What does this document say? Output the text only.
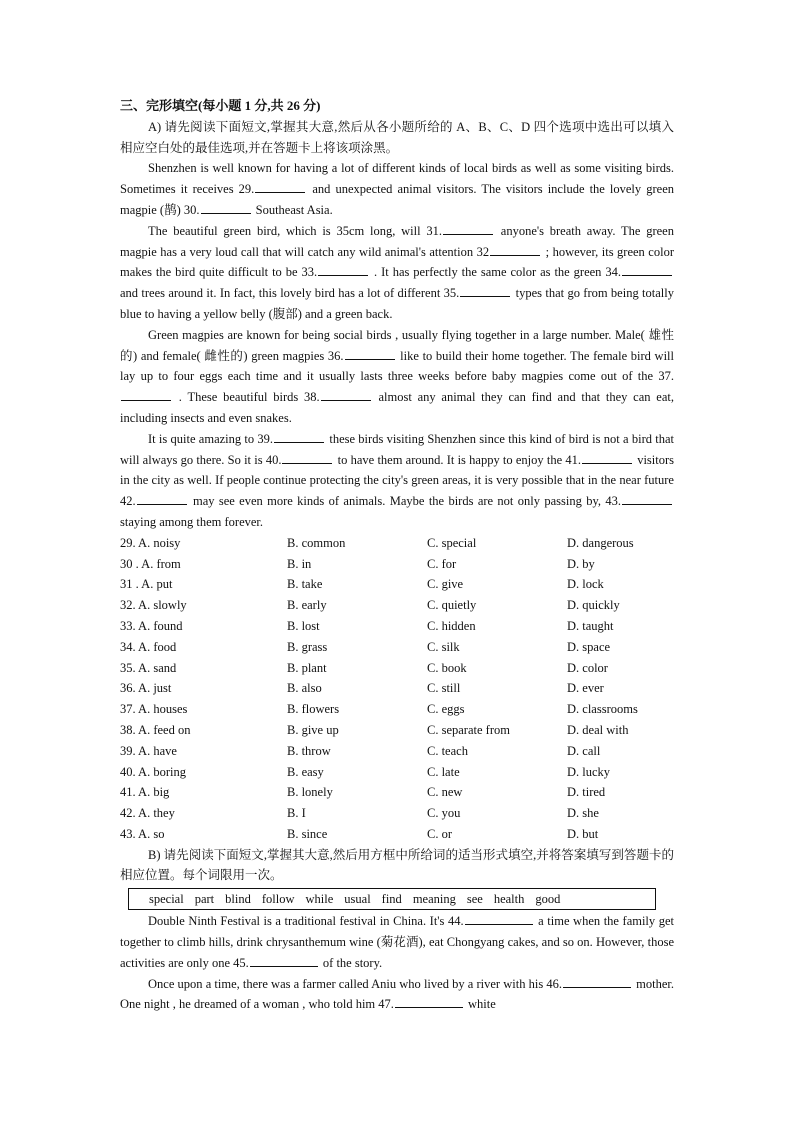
三、完形填空(每小题 1 分,共 26 分)

A) 请先阅读下面短文,掌握其大意,然后从各小题所给的 A、B、C、D 四个选项中选出可以填入相应空白处的最佳选项,并在答题卡上将该项涂黑。

Shenzhen is well known for having a lot of different kinds of local birds as well as some visiting birds. Sometimes it receives 29.	and unexpected animal visitors. The visitors include the lovely green magpie (鹊) 30.	Southeast Asia.

The beautiful green bird, which is 35cm long, will 31.	anyone's breath away. The green magpie has a very loud call that will catch any wild animal's attention 32	; however, its green color makes the bird quite difficult to be 33.	. It has perfectly the same color as the green 34. and trees around it. In fact, this lovely bird has a lot of different 35.	types that go from being totally blue to having a yellow belly (腹部) and a green back.

Green magpies are known for being social birds , usually flying together in a large number. Male( 雄性的) and female( 雌性的) green magpies 36.	like to build their home together. The female bird will lay up to four eggs each time and it usually lasts three weeks before baby magpies come out of the 37. . These beautiful birds 38.	almost any animal they can find and that they can eat, including insects and even snakes.

It is quite amazing to 39.	these birds visiting Shenzhen since this kind of bird is not a bird that will always go there. So it is 40.	to have them around. It is happy to enjoy the 41.	visitors in the city as well. If people continue protecting the city's green areas, it is very possible that in the near future 42.	may see even more kinds of animals. Maybe the birds are not only passing by, 43. staying among them forever.

29. A. noisy	B. common	C. special	D. dangerous
30 . A. from	B. in	C. for	D. by
31 . A. put	B. take	C. give	D. lock
32. A. slowly	B. early	C. quietly	D. quickly
33. A. found	B. lost	C. hidden	D. taught
34. A. food	B. grass	C. silk	D. space
35. A. sand	B. plant	C. book	D. color
36. A. just	B. also	C. still	D. ever
37. A. houses	B. flowers	C. eggs	D. classrooms
38. A. feed on	B. give up	C. separate from	D. deal with
39. A. have	B. throw	C. teach	D. call
40. A. boring	B. easy	C. late	D. lucky
41. A. big	B. lonely	C. new	D. tired
42. A. they	B. I	C. you	D. she
43. A. so	B. since	C. or	D. but

B) 请先阅读下面短文,掌握其大意,然后用方框中所给词的适当形式填空,并将答案填写到答题卡的相应位置。每个词限用一次。

special part blind follow while usual find meaning see health good

Double Ninth Festival is a traditional festival in China. It's 44.	a time when the family get together to climb hills, drink chrysanthemum wine (菊花酒), eat Chongyang cakes, and so on. However, those activities are only one 45.	of the story.

Once upon a time, there was a farmer called Aniu who lived by a river with his 46.	mother. One night , he dreamed of a woman , who told him 47.	white
